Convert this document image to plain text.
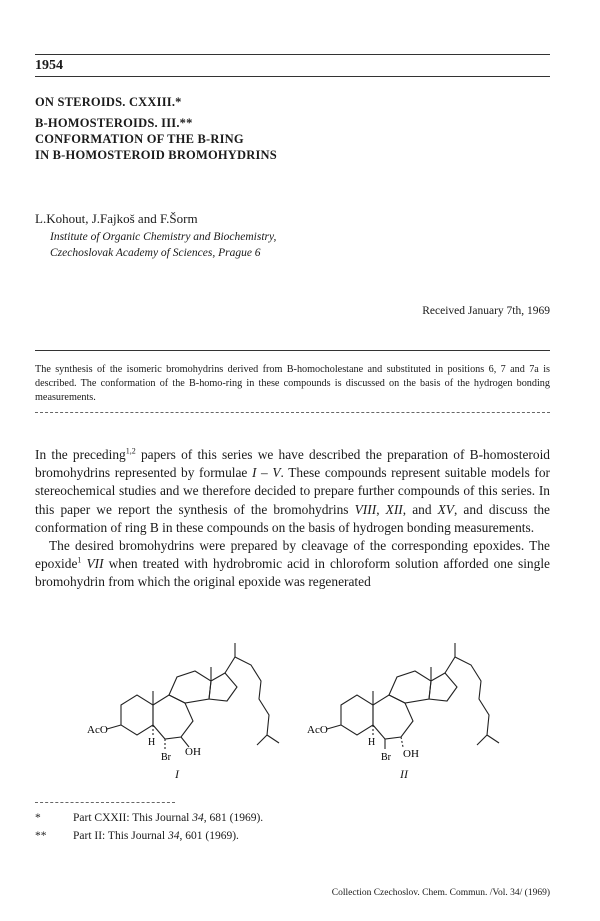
1954
ON STEROIDS. CXXIII.*
B-HOMOSTEROIDS. III.**
CONFORMATION OF THE B-RING
IN B-HOMOSTEROID BROMOHYDRINS
L.Kohout, J.Fajkoš and F.Šorm
Institute of Organic Chemistry and Biochemistry,
Czechoslovak Academy of Sciences, Prague 6
Received January 7th, 1969
The synthesis of the isomeric bromohydrins derived from B-homocholestane and substituted in positions 6, 7 and 7a is described. The conformation of the B-homo-ring in these compounds is discussed on the basis of the hydrogen bonding measurements.

In the preceding$^{1,2}$ papers of this series we have described the preparation of B-homosteroid bromohydrins represented by formulae I – V. These compounds represent suitable models for stereochemical studies and we therefore decided to prepare further compounds of this series. In this paper we report the synthesis of the bromohydrins VIII, XII, and XV, and discuss the conformation of ring B in these compounds on the basis of hydrogen bonding measurements.

The desired bromohydrins were prepared by cleavage of the corresponding epoxides. The epoxide$^1$ VII when treated with hydrobromic acid in chloroform solution afforded one single bromohydrin from which the original epoxide was regenerated

AcO
H
Br OH
I
AcO
H
Br OH
II
*	Part CXXII: This Journal 34, 681 (1969).
** Part II: This Journal 34, 601 (1969).
Collection Czechoslov. Chem. Commun. /Vol. 34/ (1969)
